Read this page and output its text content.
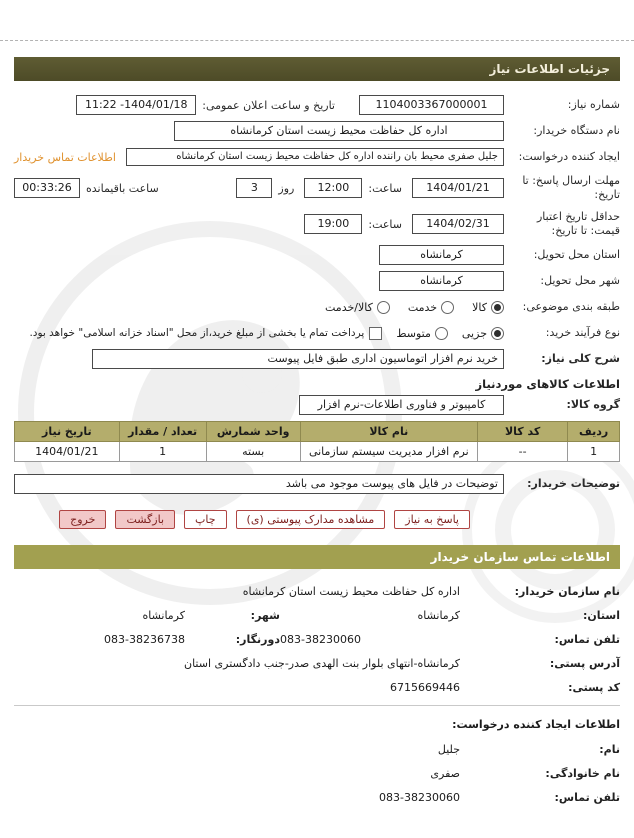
جزئیات اطلاعات نیاز
شماره نیاز:
1104003367000001
تاریخ و ساعت اعلان عمومی:
1404/01/18- 11:22
نام دستگاه خریدار:
اداره کل حفاظت محیط زیست استان کرمانشاه
ایجاد کننده درخواست:
جلیل صفری محیط بان راننده اداره کل حفاظت محیط زیست استان کرمانشاه
اطلاعات تماس خریدار
مهلت ارسال پاسخ: تا تاریخ:
1404/01/21
ساعت:
12:00
روز
3
ساعت باقیمانده
00:33:26
حداقل تاریخ اعتبار قیمت: تا تاریخ:
1404/02/31
ساعت:
19:00
استان محل تحویل:
کرمانشاه
شهر محل تحویل:
کرمانشاه
طبقه بندی موضوعی:
کالا
خدمت
کالا/خدمت
نوع فرآیند خرید:
جزیی
متوسط
پرداخت تمام یا بخشی از مبلغ خرید،از محل "اسناد خزانه اسلامی" خواهد بود.
شرح کلی نیاز:
خرید نرم افزار اتوماسیون اداری طبق فایل پیوست
اطلاعات کالاهای موردنیاز
گروه کالا:
کامپیوتر و فناوری اطلاعات-نرم افزار
ردیف	کد کالا	نام کالا	واحد شمارش	تعداد / مقدار	تاریخ نیاز
1	--	نرم افزار مدیریت سیستم سازمانی	بسته	1	1404/01/21
توضیحات خریدار:
توضیحات در فایل های پیوست موجود می باشد
پاسخ به نیاز
مشاهده مدارک پیوستی (ی)
چاپ
بازگشت
خروج
اطلاعات تماس سازمان خریدار
نام سازمان خریدار:
اداره کل حفاظت محیط زیست استان کرمانشاه
استان:
کرمانشاه
شهر:
کرمانشاه
تلفن تماس:
083-38230060
دورنگار:
083-38236738
آدرس پستی:
کرمانشاه-انتهای بلوار بنت الهدی صدر-جنب دادگستری استان
کد پستی:
6715669446
اطلاعات ایجاد کننده درخواست:
نام:
جلیل
نام خانوادگی:
صفری
تلفن تماس:
083-38230060
